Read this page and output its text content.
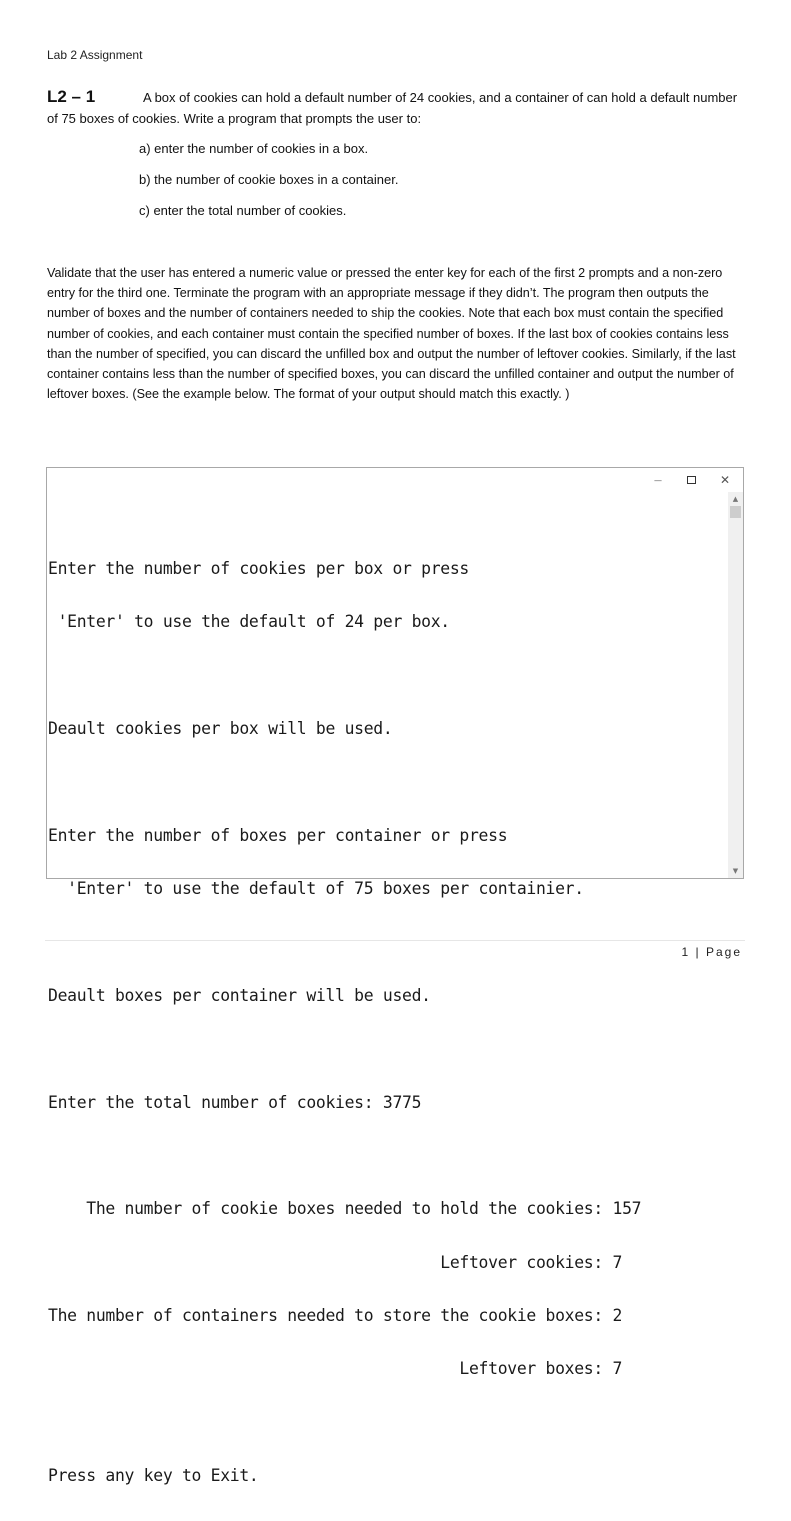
Lab 2 Assignment
L2 – 1	A box of cookies can hold a default number of 24 cookies, and a container of can hold a default number of 75 boxes of cookies. Write a program that prompts the user to:
a) enter the number of cookies in a box.
b) the number of cookie boxes in a container.
c) enter the total number of cookies.

Validate that the user has entered a numeric value or pressed the enter key for each of the first 2 prompts and a non-zero entry for the third one. Terminate the program with an appropriate message if they didn’t. The program then outputs the number of boxes and the number of containers needed to ship the cookies. Note that each box must contain the specified number of cookies, and each container must contain the specified number of boxes. If the last box of cookies contains less than the number of specified, you can discard the unfilled box and output the number of leftover cookies. Similarly, if the last container contains less than the number of specified boxes, you can discard the unfilled container and output the number of leftover boxes. (See the example below. The format of your output should match this exactly. )

—	✕
▲
▼

Enter the number of cookies per box or press

'Enter' to use the default of 24 per box.

Deault cookies per box will be used.

Enter the number of boxes per container or press

'Enter' to use the default of 75 boxes per containier.

Deault boxes per container will be used.

Enter the total number of cookies: 3775

The number of cookie boxes needed to hold the cookies: 157

Leftover cookies: 7

The number of containers needed to store the cookie boxes: 2

Leftover boxes: 7

Press any key to Exit.

1 | Page
